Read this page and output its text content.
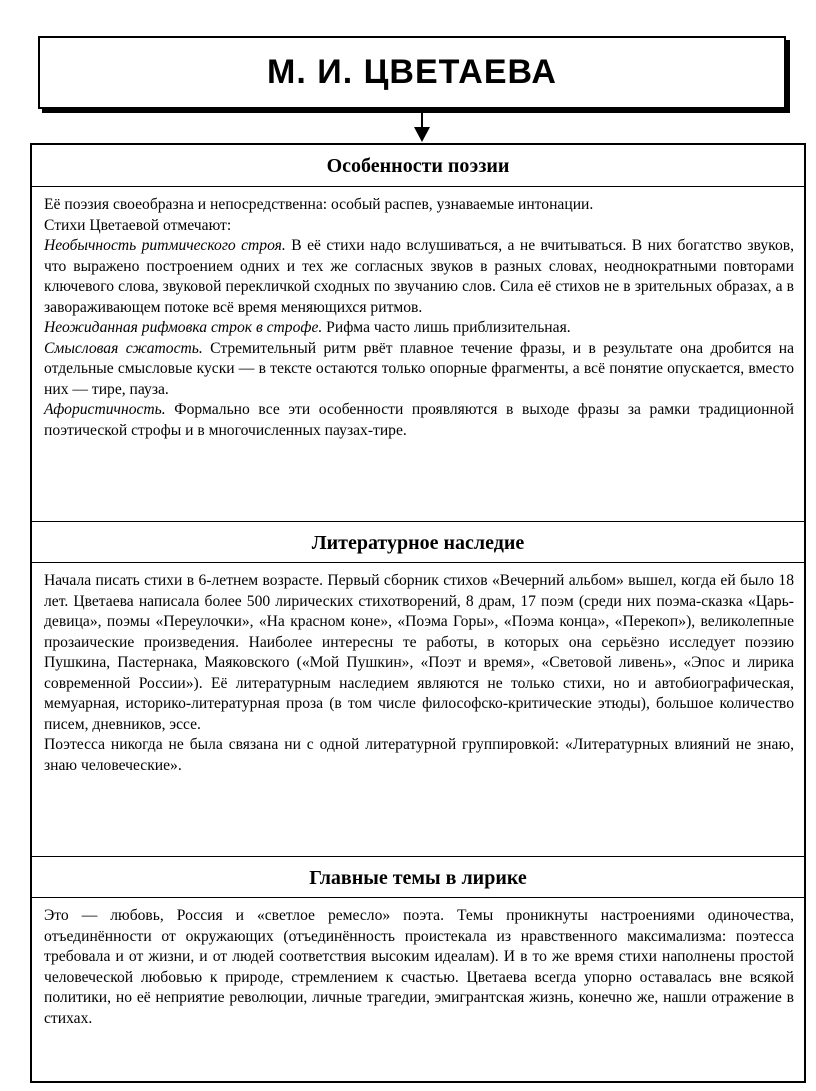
М. И. ЦВЕТАЕВА
Особенности поэзии

Её поэзия своеобразна и непосредственна: особый распев, узнаваемые интонации.

Стихи Цветаевой отмечают:

Необычность ритмического строя. В её стихи надо вслушиваться, а не вчитываться. В них богатство звуков, что выражено построением одних и тех же согласных звуков в разных словах, неоднократными повторами ключевого слова, звуковой перекличкой сходных по звучанию слов. Сила её стихов не в зрительных образах, а в завораживающем потоке всё время меняющихся ритмов.

Неожиданная рифмовка строк в строфе. Рифма часто лишь приблизительная.

Смысловая сжатость. Стремительный ритм рвёт плавное течение фразы, и в результате она дробится на отдельные смысловые куски — в тексте остаются только опорные фрагменты, а всё понятие опускается, вместо них — тире, пауза.

Афористичность. Формально все эти особенности проявляются в выходе фразы за рамки традиционной поэтической строфы и в многочисленных паузах-тире.

Литературное наследие

Начала писать стихи в 6-летнем возрасте. Первый сборник стихов «Вечерний альбом» вышел, когда ей было 18 лет. Цветаева написала более 500 лирических стихотворений, 8 драм, 17 поэм (среди них поэма-сказка «Царь-девица», поэмы «Переулочки», «На красном коне», «Поэма Горы», «Поэма конца», «Перекоп»), великолепные прозаические произведения. Наиболее интересны те работы, в которых она серьёзно исследует поэзию Пушкина, Пастернака, Маяковского («Мой Пушкин», «Поэт и время», «Световой ливень», «Эпос и лирика современной России»). Её литературным наследием являются не только стихи, но и автобиографическая, мемуарная, историко-литературная проза (в том числе философско-критические этюды), большое количество писем, дневников, эссе.

Поэтесса никогда не была связана ни с одной литературной группировкой: «Литературных влияний не знаю, знаю человеческие».

Главные темы в лирике

Это — любовь, Россия и «светлое ремесло» поэта. Темы проникнуты настроениями одиночества, отъединённости от окружающих (отъединённость проистекала из нравственного максимализма: поэтесса требовала и от жизни, и от людей соответствия высоким идеалам). И в то же время стихи наполнены простой человеческой любовью к природе, стремлением к счастью. Цветаева всегда упорно оставалась вне всякой политики, но её неприятие революции, личные трагедии, эмигрантская жизнь, конечно же, нашли отражение в стихах.
